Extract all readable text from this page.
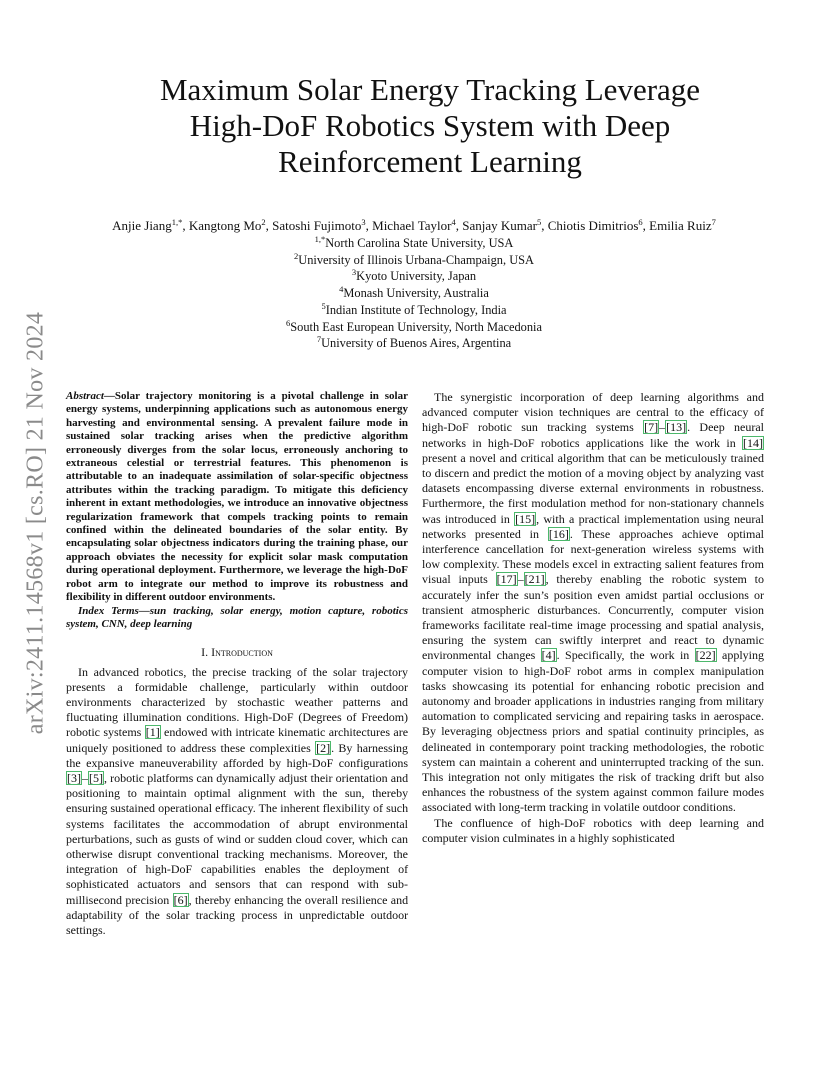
arXiv:2411.14568v1 [cs.RO] 21 Nov 2024
Maximum Solar Energy Tracking Leverage
High-DoF Robotics System with Deep
Reinforcement Learning
Anjie Jiang$^{1,*}$, Kangtong Mo$^2$, Satoshi Fujimoto$^3$, Michael Taylor$^4$, Sanjay Kumar$^5$, Chiotis Dimitrios$^6$, Emilia Ruiz$^7$
$^{1,*}$North Carolina State University, USA
$^2$University of Illinois Urbana-Champaign, USA
$^3$Kyoto University, Japan
$^4$Monash University, Australia
$^5$Indian Institute of Technology, India
$^6$South East European University, North Macedonia
$^7$University of Buenos Aires, Argentina

Abstract—Solar trajectory monitoring is a pivotal challenge in solar energy systems, underpinning applications such as autonomous energy harvesting and environmental sensing. A prevalent failure mode in sustained solar tracking arises when the predictive algorithm erroneously diverges from the solar locus, erroneously anchoring to extraneous celestial or terrestrial features. This phenomenon is attributable to an inadequate assimilation of solar-specific objectness attributes within the tracking paradigm. To mitigate this deficiency inherent in extant methodologies, we introduce an innovative objectness regularization framework that compels tracking points to remain confined within the delineated boundaries of the solar entity. By encapsulating solar objectness indicators during the training phase, our approach obviates the necessity for explicit solar mask computation during operational deployment. Furthermore, we leverage the high-DoF robot arm to integrate our method to improve its robustness and flexibility in different outdoor environments.

Index Terms—sun tracking, solar energy, motion capture, robotics system, CNN, deep learning

I. Introduction

In advanced robotics, the precise tracking of the solar trajectory presents a formidable challenge, particularly within outdoor environments characterized by stochastic weather patterns and fluctuating illumination conditions. High-DoF (Degrees of Freedom) robotic systems [1] endowed with intricate kinematic architectures are uniquely positioned to address these complexities [2]. By harnessing the expansive maneuverability afforded by high-DoF configurations [3]–[5], robotic platforms can dynamically adjust their orientation and positioning to maintain optimal alignment with the sun, thereby ensuring sustained operational efficacy. The inherent flexibility of such systems facilitates the accommodation of abrupt environmental perturbations, such as gusts of wind or sudden cloud cover, which can otherwise disrupt conventional tracking mechanisms. Moreover, the integration of high-DoF capabilities enables the deployment of sophisticated actuators and sensors that can respond with sub-millisecond precision [6], thereby enhancing the overall resilience and adaptability of the solar tracking process in unpredictable outdoor settings.

The synergistic incorporation of deep learning algorithms and advanced computer vision techniques are central to the efficacy of high-DoF robotic sun tracking systems [7]–[13]. Deep neural networks in high-DoF robotics applications like the work in [14] present a novel and critical algorithm that can be meticulously trained to discern and predict the motion of a moving object by analyzing vast datasets encompassing diverse external environments in robustness. Furthermore, the first modulation method for non-stationary channels was introduced in [15], with a practical implementation using neural networks presented in [16]. These approaches achieve optimal interference cancellation for next-generation wireless systems with low complexity. These models excel in extracting salient features from visual inputs [17]–[21], thereby enabling the robotic system to accurately infer the sun’s position even amidst partial occlusions or transient atmospheric disturbances. Concurrently, computer vision frameworks facilitate real-time image processing and spatial analysis, ensuring the system can swiftly interpret and react to dynamic environmental changes [4]. Specifically, the work in [22] applying computer vision to high-DoF robot arms in complex manipulation tasks showcasing its potential for enhancing robotic precision and autonomy and broader applications in industries ranging from military automation to complicated servicing and repairing tasks in aerospace. By leveraging objectness priors and spatial continuity principles, as delineated in contemporary point tracking methodologies, the robotic system can maintain a coherent and uninterrupted tracking of the sun. This integration not only mitigates the risk of tracking drift but also enhances the robustness of the system against common failure modes associated with long-term tracking in volatile outdoor conditions.

The confluence of high-DoF robotics with deep learning and computer vision culminates in a highly sophisticated
